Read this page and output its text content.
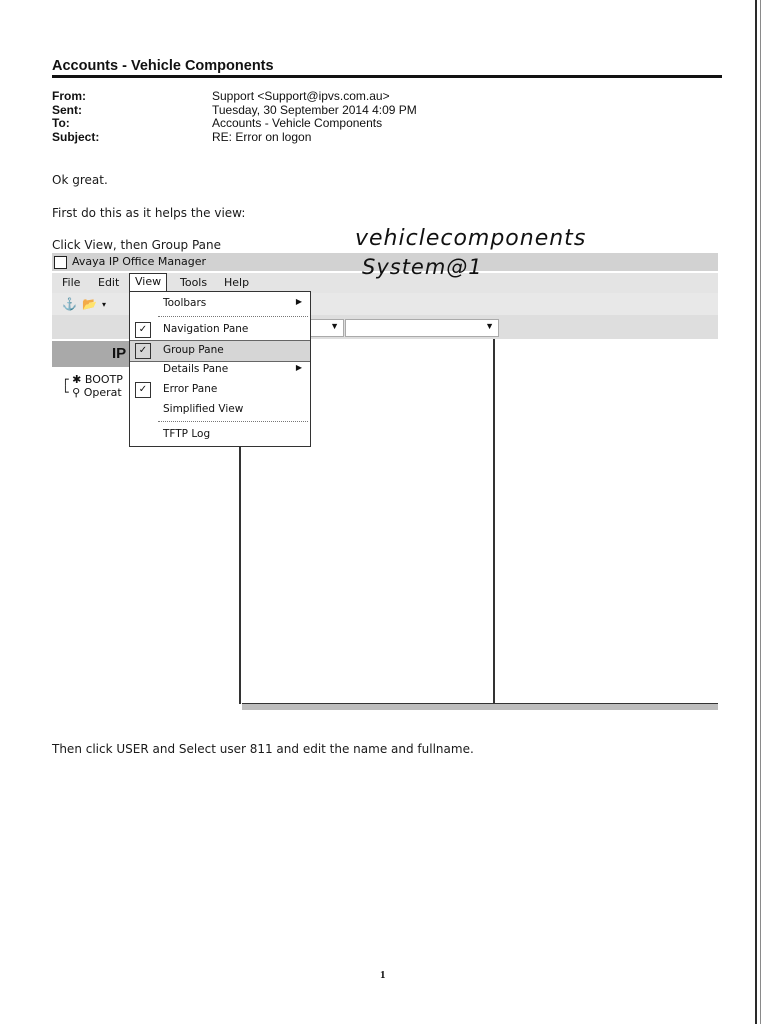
Accounts - Vehicle Components
From:	Support <Support@ipvs.com.au>
Sent:	Tuesday, 30 September 2014 4:09 PM
To:	Accounts - Vehicle Components
Subject:	RE: Error on logon
Ok great.
First do this as it helps the view:
Click View, then Group Pane
Avaya IP Office Manager
File Edit	View	Tools Help
⚓ 📂 ▾
▼	▼
IP
┌ ✱ BOOTP
└ ⚲ Operat
Toolbars	▶
✓	Navigation Pane
✓	Group Pane
Details Pane	▶
✓	Error Pane
Simplified View
TFTP Log
vehiclecomponents
System@1
Then click USER and Select user 811 and edit the name and fullname.
1
